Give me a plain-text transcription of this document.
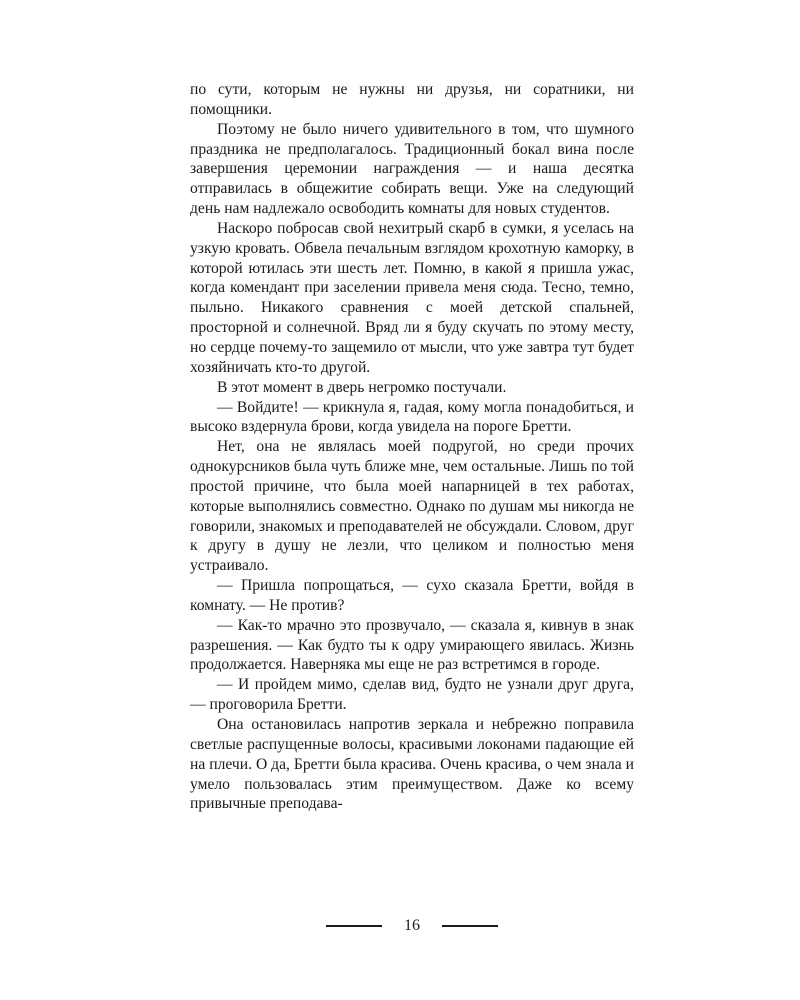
по сути, которым не нужны ни друзья, ни соратники, ни помощники.

Поэтому не было ничего удивительного в том, что шумного праздника не предполагалось. Традиционный бокал вина после завершения церемонии награждения — и наша десятка отправилась в общежитие собирать вещи. Уже на следующий день нам надлежало освободить комнаты для новых студентов.

Наскоро побросав свой нехитрый скарб в сумки, я уселась на узкую кровать. Обвела печальным взглядом крохотную каморку, в которой ютилась эти шесть лет. Помню, в какой я пришла ужас, когда комендант при заселении привела меня сюда. Тесно, темно, пыльно. Никакого сравнения с моей детской спальней, просторной и солнечной. Вряд ли я буду скучать по этому месту, но сердце почему-то защемило от мысли, что уже завтра тут будет хозяйничать кто-то другой.

В этот момент в дверь негромко постучали.

— Войдите! — крикнула я, гадая, кому могла понадобиться, и высоко вздернула брови, когда увидела на пороге Бретти.

Нет, она не являлась моей подругой, но среди прочих однокурсников была чуть ближе мне, чем остальные. Лишь по той простой причине, что была моей напарницей в тех работах, которые выполнялись совместно. Однако по душам мы никогда не говорили, знакомых и преподавателей не обсуждали. Словом, друг к другу в душу не лезли, что целиком и полностью меня устраивало.

— Пришла попрощаться, — сухо сказала Бретти, войдя в комнату. — Не против?

— Как-то мрачно это прозвучало, — сказала я, кивнув в знак разрешения. — Как будто ты к одру умирающего явилась. Жизнь продолжается. Наверняка мы еще не раз встретимся в городе.

— И пройдем мимо, сделав вид, будто не узнали друг друга, — проговорила Бретти.

Она остановилась напротив зеркала и небрежно поправила светлые распущенные волосы, красивыми локонами падающие ей на плечи. О да, Бретти была красива. Очень красива, о чем знала и умело пользовалась этим преимуществом. Даже ко всему привычные преподава-

16
